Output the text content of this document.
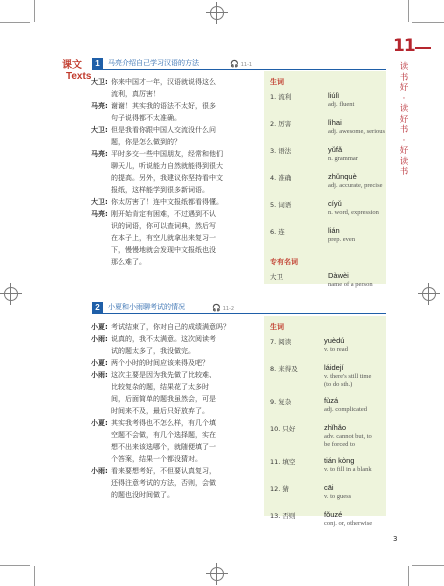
11
读
书
好
·
读
好
书
·
好
读
书
课文
Texts
1	马亮介绍自己学习汉语的方法	🎧 11-1
大卫: 你来中国才一年，汉语就说得这么
流利，真厉害！
马亮: 谢谢！其实我的语法不太好，很多
句子说得都不太准确。
大卫: 但是我看你跟中国人交流没什么问
题，你是怎么做到的？
马亮: 平时多交一些中国朋友，经常和他们
聊天儿，听说能力自然就能得到很大
的提高。另外，我建议你坚持看中文
报纸，这样能学到很多新词语。
大卫: 你太厉害了！连中文报纸都看得懂。
马亮: 刚开始肯定有困难，不过遇到不认
识的词语，你可以查词典，然后写
在本子上，有空儿就拿出来复习一
下，慢慢地就会发现中文报纸也没
那么难了。
生词
1. 流利	liúlì
adj. fluent
2. 厉害	lìhai
adj. awesome, serious
3. 语法	yǔfǎ
n. grammar
4. 准确	zhǔnquè
adj. accurate, precise
5. 词语	cíyǔ
n. word, expression
6. 连	lián
prep. even
专有名词
大卫	Dàwèi
name of a person
2	小夏和小雨聊考试的情况	🎧 11-2
小夏: 考试结束了，你对自己的成绩满意吗？
小雨: 说真的，我不太满意。这次阅读考
试的题太多了，我没做完。
小夏: 两个小时的时间应该来得及吧？
小雨: 这次主要是因为我先做了比较难、
比较复杂的题，结果花了太多时
间，后面简单的题我虽然会，可是
时间来不及，最后只好放弃了。
小夏: 其实我考得也不怎么样，有几个填
空题不会做，有几个选择题，实在
想不出来该选哪个，就随便填了一
个答案，结果一个都没猜对。
小雨: 看来要想考好，不但要认真复习，
还得注意考试的方法，否则，会做
的题也没时间做了。
生词
7. 阅读	yuèdú
v. to read
8. 来得及	láidejí
v. there's still time
(to do sth.)
9. 复杂	fùzá
adj. complicated
10. 只好	zhǐhǎo
adv. cannot but, to
be forced to
11. 填空	tián kòng
v. to fill in a blank
12. 猜	cāi
v. to guess
13. 否则	fǒuzé
conj. or, otherwise
3
